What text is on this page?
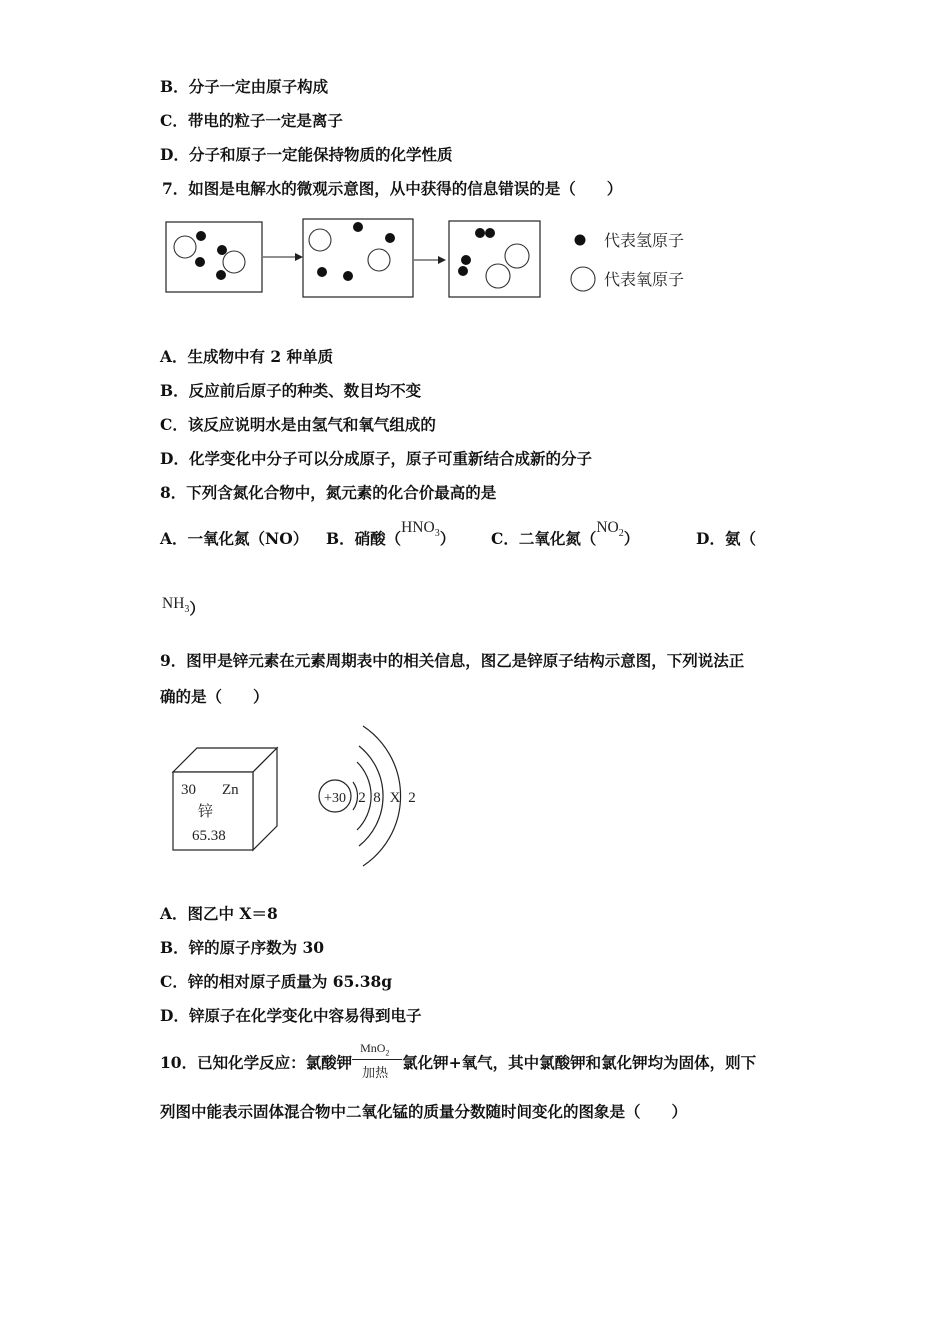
B．分子一定由原子构成
C．带电的粒子一定是离子
D．分子和原子一定能保持物质的化学性质
7．如图是电解水的微观示意图，从中获得的信息错误的是（　　）
代表氢原子
代表氧原子
A．生成物中有 2 种单质
B．反应前后原子的种类、数目均不变
C．该反应说明水是由氢气和氧气组成的
D．化学变化中分子可以分成原子，原子可重新结合成新的分子
8．下列含氮化合物中，氮元素的化合价最高的是
A．一氧化氮（NO） B．硝酸$(HNO_3)$ C．二氧化氮$(NO_2)$	D．氨（
$NH_3$）
9．图甲是锌元素在元素周期表中的相关信息，图乙是锌原子结构示意图，下列说法正
确的是（　　）
30 Zn
锌
65.38
+30 2 8 X 2
A．图乙中 X＝8
B．锌的原子序数为 30
C．锌的相对原子质量为 65.38g
D．锌原子在化学变化中容易得到电子
10．已知化学反应：氯酸钾
MnO$_2$
加热
氯化钾+氧气，其中氯酸钾和氯化钾均为固体，则下
列图中能表示固体混合物中二氧化锰的质量分数随时间变化的图象是（　　）
